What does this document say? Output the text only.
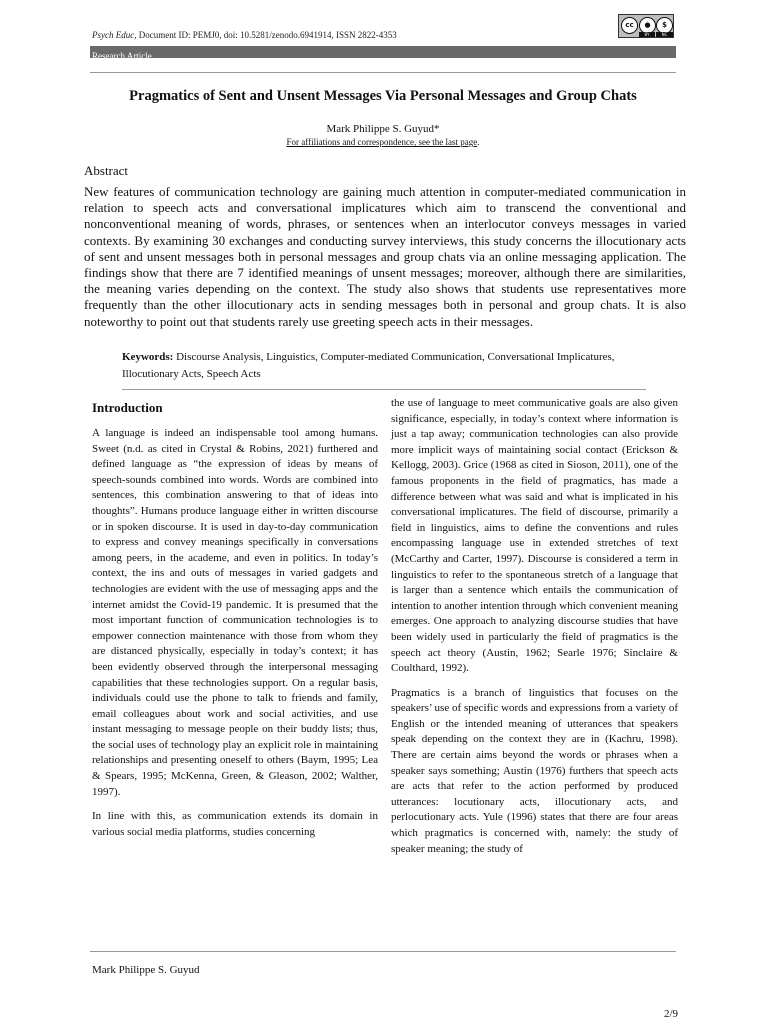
Psych Educ, Document ID: PEMJ0, doi: 10.5281/zenodo.6941914, ISSN 2822-4353
cc	●	$
BY	NC
Research Article
Pragmatics of Sent and Unsent Messages Via Personal Messages and Group Chats
Mark Philippe S. Guyud*
For affiliations and correspondence, see the last page.
Abstract

New features of communication technology are gaining much attention in computer-mediated communication in relation to speech acts and conversational implicatures which aim to transcend the conventional and nonconventional meaning of words, phrases, or sentences when an interlocutor conveys messages in varied contexts. By examining 30 exchanges and conducting survey interviews, this study concerns the illocutionary acts of sent and unsent messages both in personal messages and group chats via an online messaging application. The findings show that there are 7 identified meanings of unsent messages; moreover, although there are similarities, the meaning varies depending on the context. The study also shows that students use representatives more frequently than the other illocutionary acts in sending messages both in personal and group chats. It is also noteworthy to point out that students rarely use greeting speech acts in their messages.

Keywords: Discourse Analysis, Linguistics, Computer-mediated Communication, Conversational Implicatures, Illocutionary Acts, Speech Acts

Introduction

A language is indeed an indispensable tool among humans. Sweet (n.d. as cited in Crystal & Robins, 2021) furthered and defined language as “the expression of ideas by means of speech-sounds combined into words. Words are combined into sentences, this combination answering to that of ideas into thoughts”. Humans produce language either in written discourse or in spoken discourse. It is used in day-to-day communication to express and convey meanings specifically in conversations among peers, in the academe, and even in politics. In today’s context, the ins and outs of messages in varied gadgets and technologies are evident with the use of messaging apps and the internet amidst the Covid-19 pandemic. It is presumed that the most important function of communication technologies is to empower connection maintenance with those from whom they are distanced physically, especially in today’s context; it has been evidently observed through the interpersonal messaging capabilities that these technologies support. On a regular basis, individuals could use the phone to talk to friends and family, email colleagues about work and social activities, and use instant messaging to message people on their buddy lists; thus, the social uses of technology play an explicit role in maintaining relationships and presenting oneself to others (Baym, 1995; Lea & Spears, 1995; McKenna, Green, & Gleason, 2002; Walther, 1997).

In line with this, as communication extends its domain in various social media platforms, studies concerning

the use of language to meet communicative goals are also given significance, especially, in today’s context where information is just a tap away; communication technologies can also provide more implicit ways of maintaining social contact (Erickson & Kellogg, 2003). Grice (1968 as cited in Sioson, 2011), one of the famous proponents in the field of pragmatics, has made a difference between what was said and what is implicated in his conversational implicatures. The field of discourse, primarily a field in linguistics, aims to define the conventions and rules encompassing language use in extended stretches of text (McCarthy and Carter, 1997). Discourse is considered a term in linguistics to refer to the spontaneous stretch of a language that is larger than a sentence which entails the communication of intention to another intention through which convenient meaning emerges. One approach to analyzing discourse studies that have been widely used in particularly the field of pragmatics is the speech act theory (Austin, 1962; Searle 1976; Sinclaire & Coulthard, 1992).

Pragmatics is a branch of linguistics that focuses on the speakers’ use of specific words and expressions from a variety of English or the intended meaning of utterances that speakers speak depending on the context they are in (Kachru, 1998). There are certain aims beyond the words or phrases when a speaker says something; Austin (1976) furthers that speech acts are acts that refer to the action performed by produced utterances: locutionary acts, illocutionary acts, and perlocutionary acts. Yule (1996) states that there are four areas which pragmatics is concerned with, namely: the study of speaker meaning; the study of

Mark Philippe S. Guyud
2/9
